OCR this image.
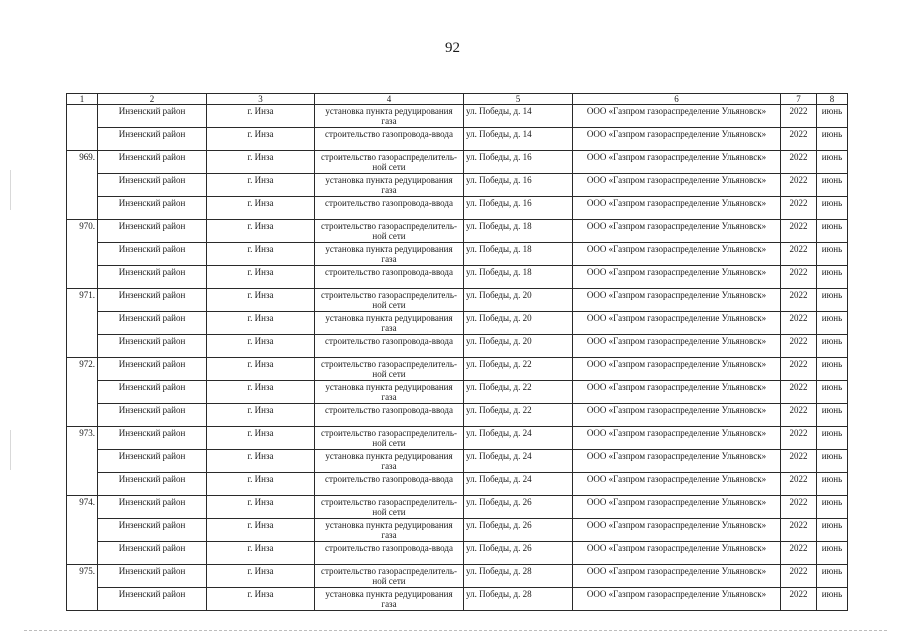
92
1	2	3	4	5	6	7	8
	Инзенский район	г. Инза	установка пункта редуцирования газа	ул. Победы, д. 14	ООО «Газпром газораспределение Ульяновск»	2022	июнь
	Инзенский район	г. Инза	строительство газопровода-ввода	ул. Победы, д. 14	ООО «Газпром газораспределение Ульяновск»	2022	июнь
969.	Инзенский район	г. Инза	строительство газораспределитель-ной сети	ул. Победы, д. 16	ООО «Газпром газораспределение Ульяновск»	2022	июнь
	Инзенский район	г. Инза	установка пункта редуцирования газа	ул. Победы, д. 16	ООО «Газпром газораспределение Ульяновск»	2022	июнь
	Инзенский район	г. Инза	строительство газопровода-ввода	ул. Победы, д. 16	ООО «Газпром газораспределение Ульяновск»	2022	июнь
970.	Инзенский район	г. Инза	строительство газораспределитель-ной сети	ул. Победы, д. 18	ООО «Газпром газораспределение Ульяновск»	2022	июнь
	Инзенский район	г. Инза	установка пункта редуцирования газа	ул. Победы, д. 18	ООО «Газпром газораспределение Ульяновск»	2022	июнь
	Инзенский район	г. Инза	строительство газопровода-ввода	ул. Победы, д. 18	ООО «Газпром газораспределение Ульяновск»	2022	июнь
971.	Инзенский район	г. Инза	строительство газораспределитель-ной сети	ул. Победы, д. 20	ООО «Газпром газораспределение Ульяновск»	2022	июнь
	Инзенский район	г. Инза	установка пункта редуцирования газа	ул. Победы, д. 20	ООО «Газпром газораспределение Ульяновск»	2022	июнь
	Инзенский район	г. Инза	строительство газопровода-ввода	ул. Победы, д. 20	ООО «Газпром газораспределение Ульяновск»	2022	июнь
972.	Инзенский район	г. Инза	строительство газораспределитель-ной сети	ул. Победы, д. 22	ООО «Газпром газораспределение Ульяновск»	2022	июнь
	Инзенский район	г. Инза	установка пункта редуцирования газа	ул. Победы, д. 22	ООО «Газпром газораспределение Ульяновск»	2022	июнь
	Инзенский район	г. Инза	строительство газопровода-ввода	ул. Победы, д. 22	ООО «Газпром газораспределение Ульяновск»	2022	июнь
973.	Инзенский район	г. Инза	строительство газораспределитель-ной сети	ул. Победы, д. 24	ООО «Газпром газораспределение Ульяновск»	2022	июнь
	Инзенский район	г. Инза	установка пункта редуцирования газа	ул. Победы, д. 24	ООО «Газпром газораспределение Ульяновск»	2022	июнь
	Инзенский район	г. Инза	строительство газопровода-ввода	ул. Победы, д. 24	ООО «Газпром газораспределение Ульяновск»	2022	июнь
974.	Инзенский район	г. Инза	строительство газораспределитель-ной сети	ул. Победы, д. 26	ООО «Газпром газораспределение Ульяновск»	2022	июнь
	Инзенский район	г. Инза	установка пункта редуцирования газа	ул. Победы, д. 26	ООО «Газпром газораспределение Ульяновск»	2022	июнь
	Инзенский район	г. Инза	строительство газопровода-ввода	ул. Победы, д. 26	ООО «Газпром газораспределение Ульяновск»	2022	июнь
975.	Инзенский район	г. Инза	строительство газораспределитель-ной сети	ул. Победы, д. 28	ООО «Газпром газораспределение Ульяновск»	2022	июнь
	Инзенский район	г. Инза	установка пункта редуцирования газа	ул. Победы, д. 28	ООО «Газпром газораспределение Ульяновск»	2022	июнь
